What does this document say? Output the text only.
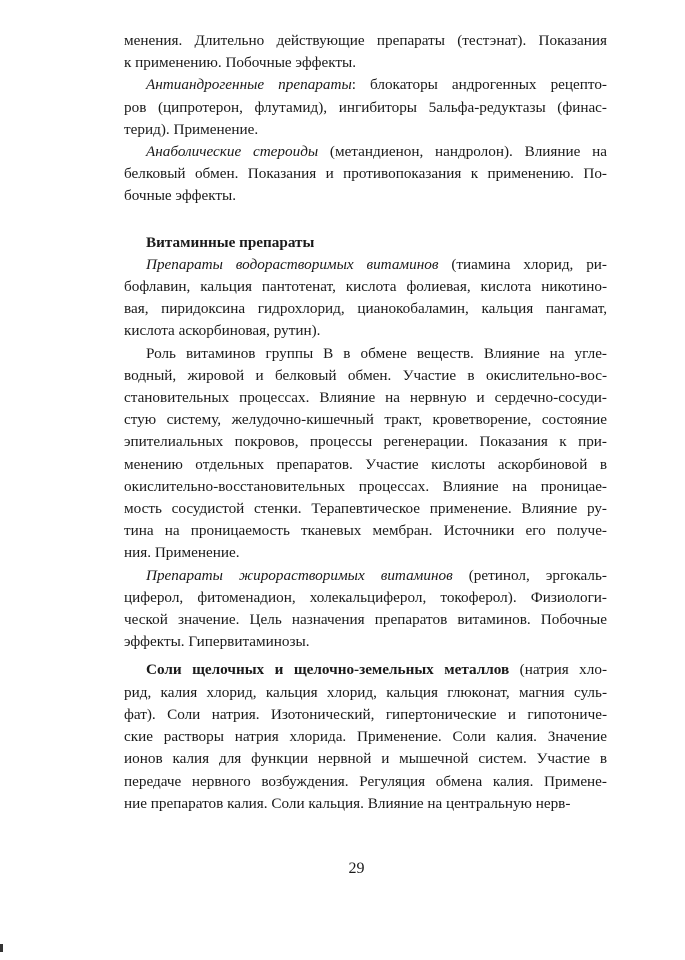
менения. Длительно действующие препараты (тестэнат). Показания
к применению. Побочные эффекты.

Антиандрогенные препараты: блокаторы андрогенных рецепто-
ров (ципротерон, флутамид), ингибиторы 5альфа-редуктазы (финас-
терид). Применение.

Анаболические стероиды (метандиенон, нандролон). Влияние на
белковый обмен. Показания и противопоказания к применению. По-
бочные эффекты.

Витаминные препараты

Препараты водорастворимых витаминов (тиамина хлорид, ри-
бофлавин, кальция пантотенат, кислота фолиевая, кислота никотино-
вая, пиридоксина гидрохлорид, цианокобаламин, кальция пангамат,
кислота аскорбиновая, рутин).

Роль витаминов группы В в обмене веществ. Влияние на угле-
водный, жировой и белковый обмен. Участие в окислительно-вос-
становительных процессах. Влияние на нервную и сердечно-сосуди-
стую систему, желудочно-кишечный тракт, кроветворение, состояние
эпителиальных покровов, процессы регенерации. Показания к при-
менению отдельных препаратов. Участие кислоты аскорбиновой в
окислительно-восстановительных процессах. Влияние на проницае-
мость сосудистой стенки. Терапевтическое применение. Влияние ру-
тина на проницаемость тканевых мембран. Источники его получе-
ния. Применение.

Препараты жирорастворимых витаминов (ретинол, эргокаль-
циферол, фитоменадион, холекальциферол, токоферол). Физиологи-
ческой значение. Цель назначения препаратов витаминов. Побочные
эффекты. Гипервитаминозы.

Соли щелочных и щелочно-земельных металлов (натрия хло-
рид, калия хлорид, кальция хлорид, кальция глюконат, магния суль-
фат). Соли натрия. Изотонический, гипертонические и гипотониче-
ские растворы натрия хлорида. Применение. Соли калия. Значение
ионов калия для функции нервной и мышечной систем. Участие в
передаче нервного возбуждения. Регуляция обмена калия. Примене-
ние препаратов калия. Соли кальция. Влияние на центральную нерв-

29
